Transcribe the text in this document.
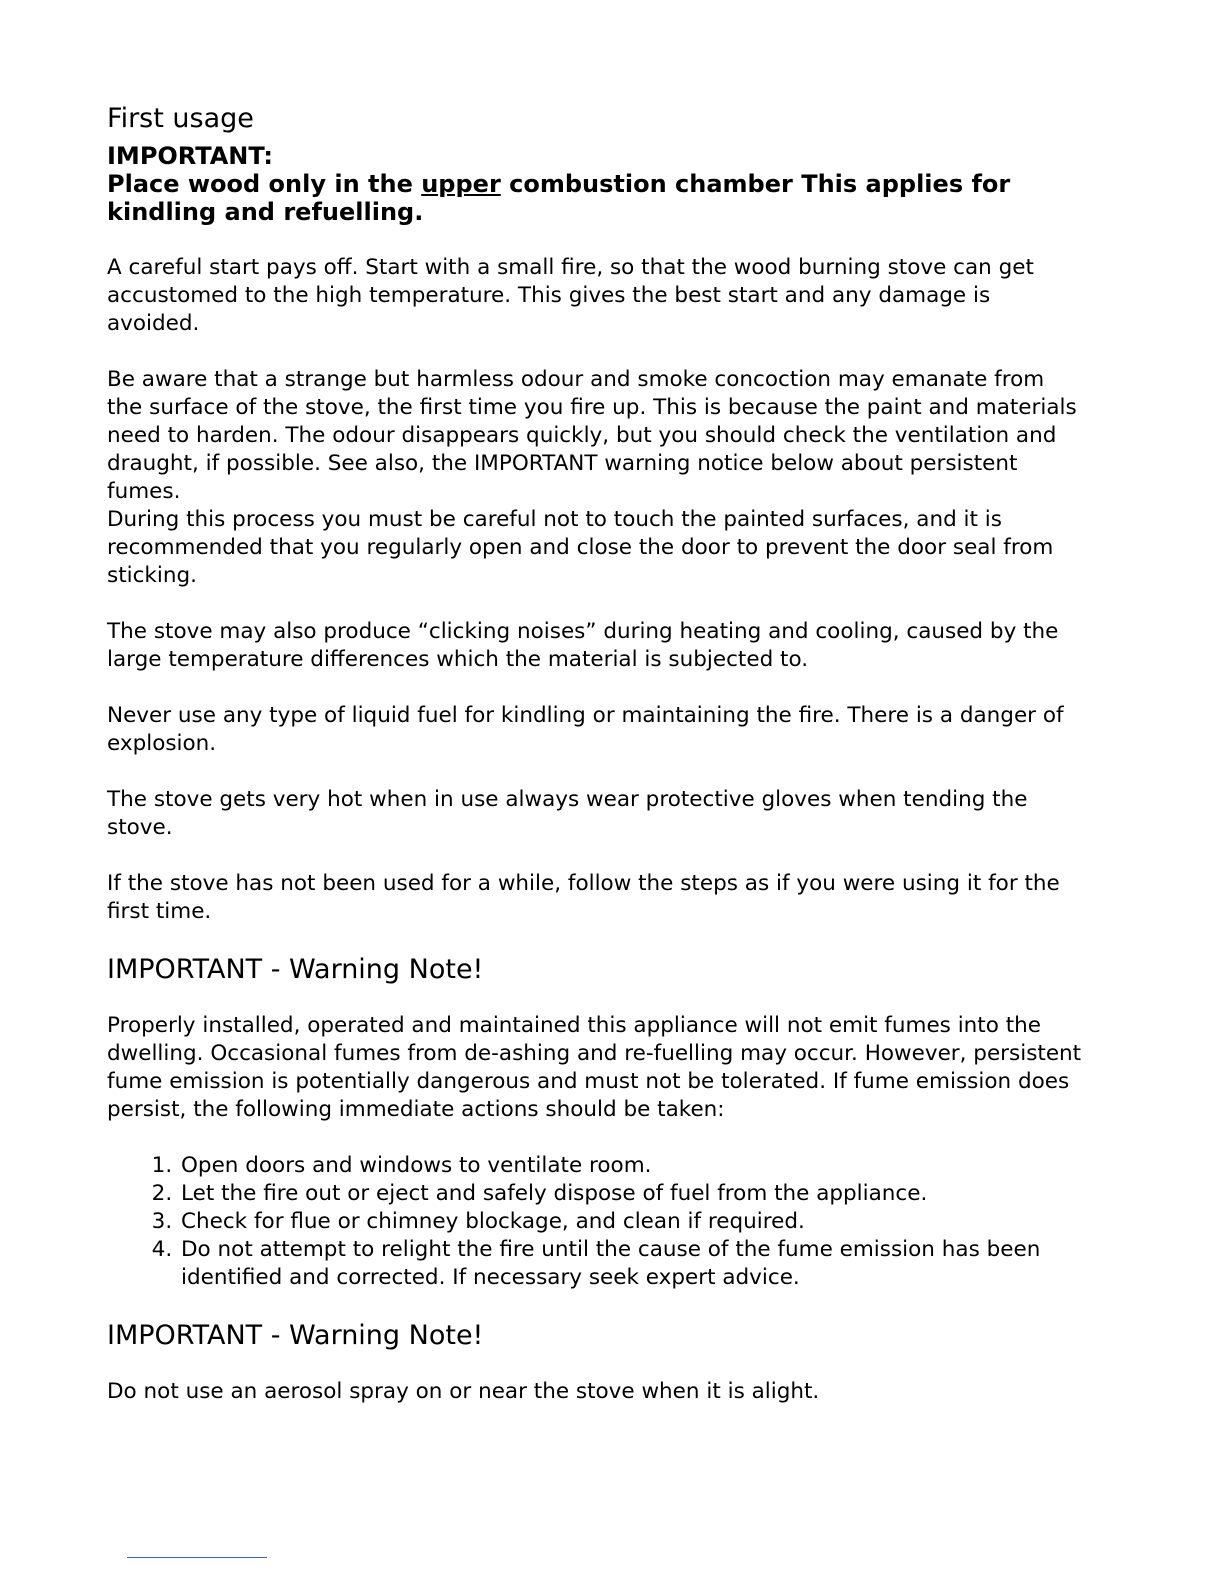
First usage
IMPORTANT:
Place wood only in the upper combustion chamber This applies for kindling and refuelling.

A careful start pays off. Start with a small fire, so that the wood burning stove can get accustomed to the high temperature. This gives the best start and any damage is avoided.

Be aware that a strange but harmless odour and smoke concoction may emanate from the surface of the stove, the first time you fire up. This is because the paint and materials need to harden. The odour disappears quickly, but you should check the ventilation and draught, if possible. See also, the IMPORTANT warning notice below about persistent fumes.

During this process you must be careful not to touch the painted surfaces, and it is recommended that you regularly open and close the door to prevent the door seal from sticking.

The stove may also produce “clicking noises” during heating and cooling, caused by the large temperature differences which the material is subjected to.

Never use any type of liquid fuel for kindling or maintaining the fire. There is a danger of explosion.

The stove gets very hot when in use always wear protective gloves when tending the stove.

If the stove has not been used for a while, follow the steps as if you were using it for the first time.

IMPORTANT - Warning Note!

Properly installed, operated and maintained this appliance will not emit fumes into the dwelling. Occasional fumes from de-ashing and re-fuelling may occur. However, persistent fume emission is potentially dangerous and must not be tolerated. If fume emission does persist, the following immediate actions should be taken:

1. Open doors and windows to ventilate room.
2. Let the fire out or eject and safely dispose of fuel from the appliance.
3. Check for flue or chimney blockage, and clean if required.
4. Do not attempt to relight the fire until the cause of the fume emission has been identified and corrected. If necessary seek expert advice.
IMPORTANT - Warning Note!

Do not use an aerosol spray on or near the stove when it is alight.
